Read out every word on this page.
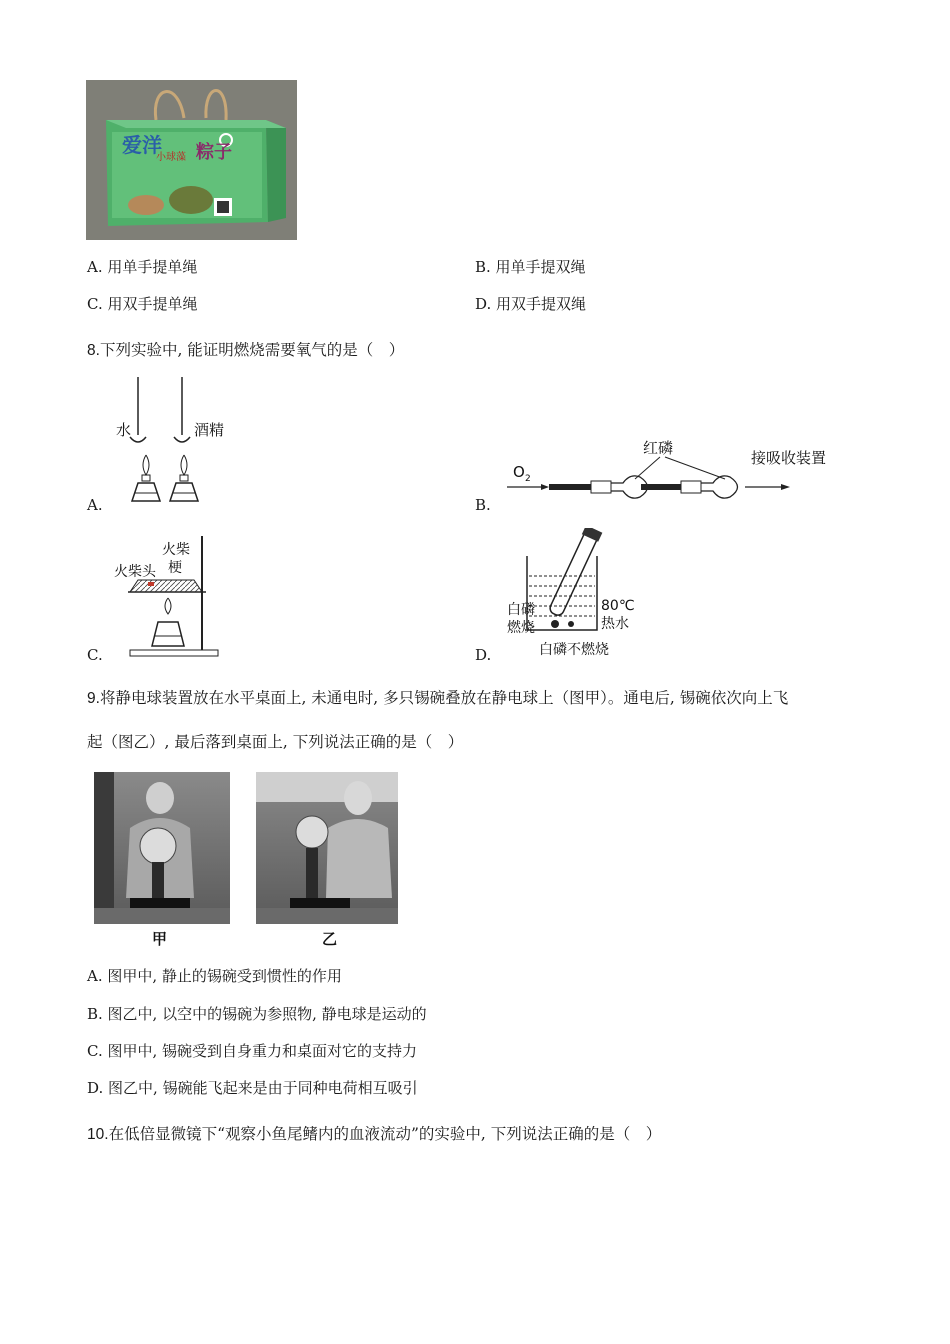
爱洋
小球藻 粽子
A. 用单手提单绳	B. 用单手提双绳
C. 用双手提单绳	D. 用双手提双绳
8.下列实验中, 能证明燃烧需要氧气的是（　）
水	酒精
A.
O 2
红磷
接吸收装置
B.
火柴头
火柴
梗
C.
白磷
燃烧
80℃
热水
白磷不燃烧
D.
9.将静电球装置放在水平桌面上, 未通电时, 多只锡碗叠放在静电球上（图甲）。通电后, 锡碗依次向上飞
起（图乙）, 最后落到桌面上, 下列说法正确的是（　）
甲	乙
A. 图甲中, 静止的锡碗受到惯性的作用
B. 图乙中, 以空中的锡碗为参照物, 静电球是运动的
C. 图甲中, 锡碗受到自身重力和桌面对它的支持力
D. 图乙中, 锡碗能飞起来是由于同种电荷相互吸引
10.在低倍显微镜下“观察小鱼尾鳍内的血液流动”的实验中, 下列说法正确的是（　）
